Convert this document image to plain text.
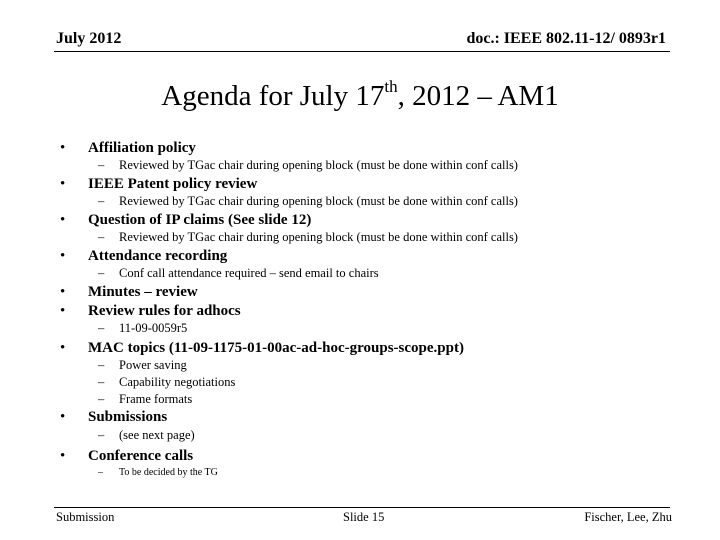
July 2012	doc.: IEEE 802.11-12/ 0893r1
Agenda for July 17th, 2012 – AM1
• Affiliation policy
– Reviewed by TGac chair during opening block (must be done within conf calls)
• IEEE Patent policy review
– Reviewed by TGac chair during opening block (must be done within conf calls)
• Question of IP claims (See slide 12)
– Reviewed by TGac chair during opening block (must be done within conf calls)
• Attendance recording
– Conf call attendance required – send email to chairs
• Minutes – review
• Review rules for adhocs
– 11-09-0059r5
• MAC topics (11-09-1175-01-00ac-ad-hoc-groups-scope.ppt)
– Power saving
– Capability negotiations
– Frame formats
• Submissions
– (see next page)
• Conference calls
– To be decided by the TG
Submission	Slide 15	Fischer, Lee, Zhu
